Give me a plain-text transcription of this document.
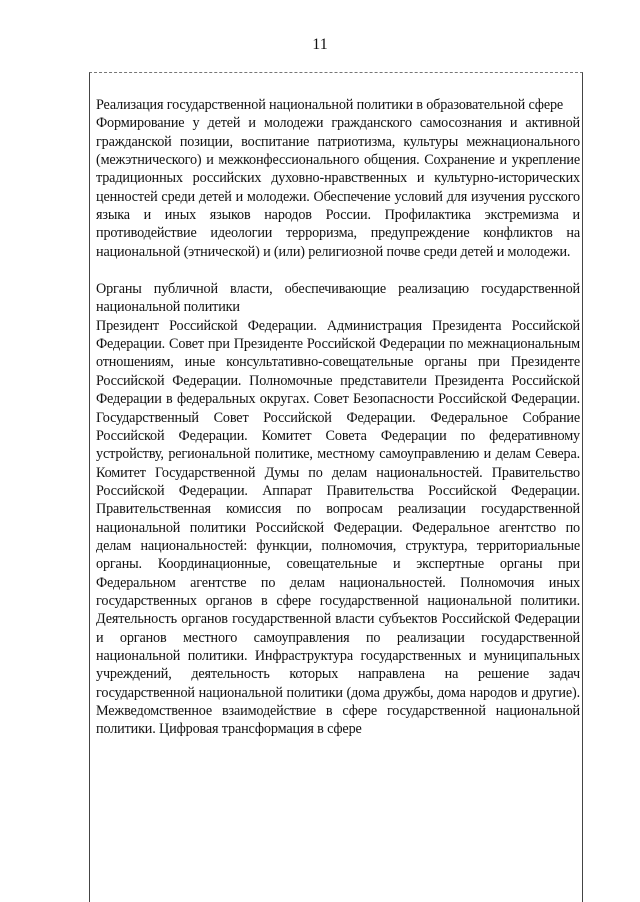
11

Реализация государственной национальной политики в образовательной сфере

Формирование у детей и молодежи гражданского самосознания и активной гражданской позиции, воспитание патриотизма, культуры межнационального (межэтнического) и межконфессионального общения. Сохранение и укрепление традиционных российских духовно-нравственных и культурно-исторических ценностей среди детей и молодежи. Обеспечение условий для изучения русского языка и иных языков народов России. Профилактика экстремизма и противодействие идеологии терроризма, предупреждение конфликтов на национальной (этнической) и (или) религиозной почве среди детей и молодежи.

Органы публичной власти, обеспечивающие реализацию государственной национальной политики

Президент Российской Федерации. Администрация Президента Российской Федерации. Совет при Президенте Российской Федерации по межнациональным отношениям, иные консультативно-совещательные органы при Президенте Российской Федерации. Полномочные представители Президента Российской Федерации в федеральных округах. Совет Безопасности Российской Федерации. Государственный Совет Российской Федерации. Федеральное Собрание Российской Федерации. Комитет Совета Федерации по федеративному устройству, региональной политике, местному самоуправлению и делам Севера. Комитет Государственной Думы по делам национальностей. Правительство Российской Федерации. Аппарат Правительства Российской Федерации. Правительственная комиссия по вопросам реализации государственной национальной политики Российской Федерации. Федеральное агентство по делам национальностей: функции, полномочия, структура, территориальные органы. Координационные, совещательные и экспертные органы при Федеральном агентстве по делам национальностей. Полномочия иных государственных органов в сфере государственной национальной политики. Деятельность органов государственной власти субъектов Российской Федерации и органов местного самоуправления по реализации государственной национальной политики. Инфраструктура государственных и муниципальных учреждений, деятельность которых направлена на решение задач государственной национальной политики (дома дружбы, дома народов и другие). Межведомственное взаимодействие в сфере государственной национальной политики. Цифровая трансформация в сфере
